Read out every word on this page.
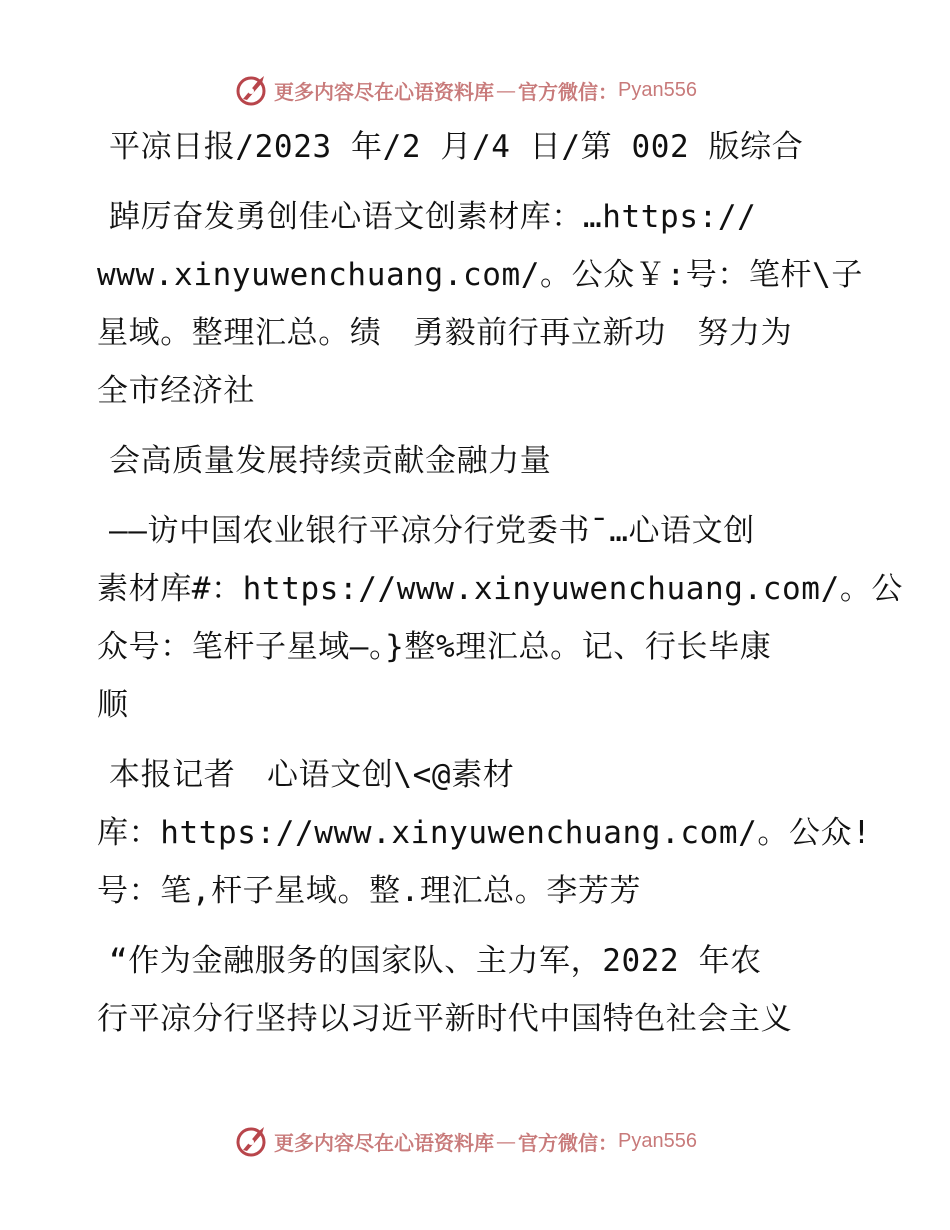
更多内容尽在心语资料库 — 官方微信： Pyan556
平凉日报/2023 年/2 月/4 日/第 002 版综合
踔厉奋发勇创佳心语文创素材库：…https://
www.xinyuwenchuang.com/。公众￥:号：笔杆\子
星域。整理汇总。绩　勇毅前行再立新功　努力为
全市经济社
会高质量发展持续贡献金融力量
——访中国农业银行平凉分行党委书¯…心语文创
素材库#：https://www.xinyuwenchuang.com/。公
众号：笔杆子星域—。}整%理汇总。记、行长毕康
顺
本报记者　心语文创\<@素材
库：https://www.xinyuwenchuang.com/。公众!
号：笔,杆子星域。整.理汇总。李芳芳
“作为金融服务的国家队、主力军，2022 年农
行平凉分行坚持以习近平新时代中国特色社会主义
更多内容尽在心语资料库 — 官方微信： Pyan556
